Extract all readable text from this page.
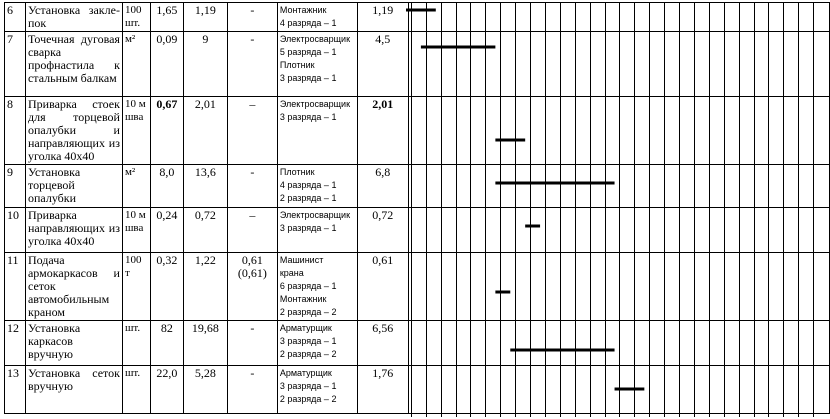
6	Установка заклепок	100 шт.	1,65	1,19	-	Монтажник
4 разряда – 1	1,19	
7	Точечная дуговая сварка профнастила к стальным балкам	м²	0,09	9	-	Электросварщик
5 разряда – 1
Плотник
3 разряда – 1	4,5	
8	Приварка стоек для торцевой опалубки и направляющих из уголка 40x40	10 м шва	0,67	2,01	–	Электросварщик
3 разряда – 1	2,01	
9	Установка торцевой опалубки	м²	8,0	13,6	-	Плотник
4 разряда – 1
2 разряда – 1	6,8	
10	Приварка направляющих из уголка 40x40	10 м шва	0,24	0,72	–	Электросварщик
3 разряда – 1	0,72	
11	Подача армокаркасов и сеток автомобильным краном	100 т	0,32	1,22	0,61
(0,61)	Машинист
крана
6 разряда – 1
Монтажник
2 разряда – 2	0,61	
12	Установка каркасов вручную	шт.	82	19,68	-	Арматурщик
3 разряда – 1
2 разряда – 2	6,56	
13	Установка сеток вручную	шт.	22,0	5,28	-	Арматурщик
3 разряда – 1
2 разряда – 2	1,76	
